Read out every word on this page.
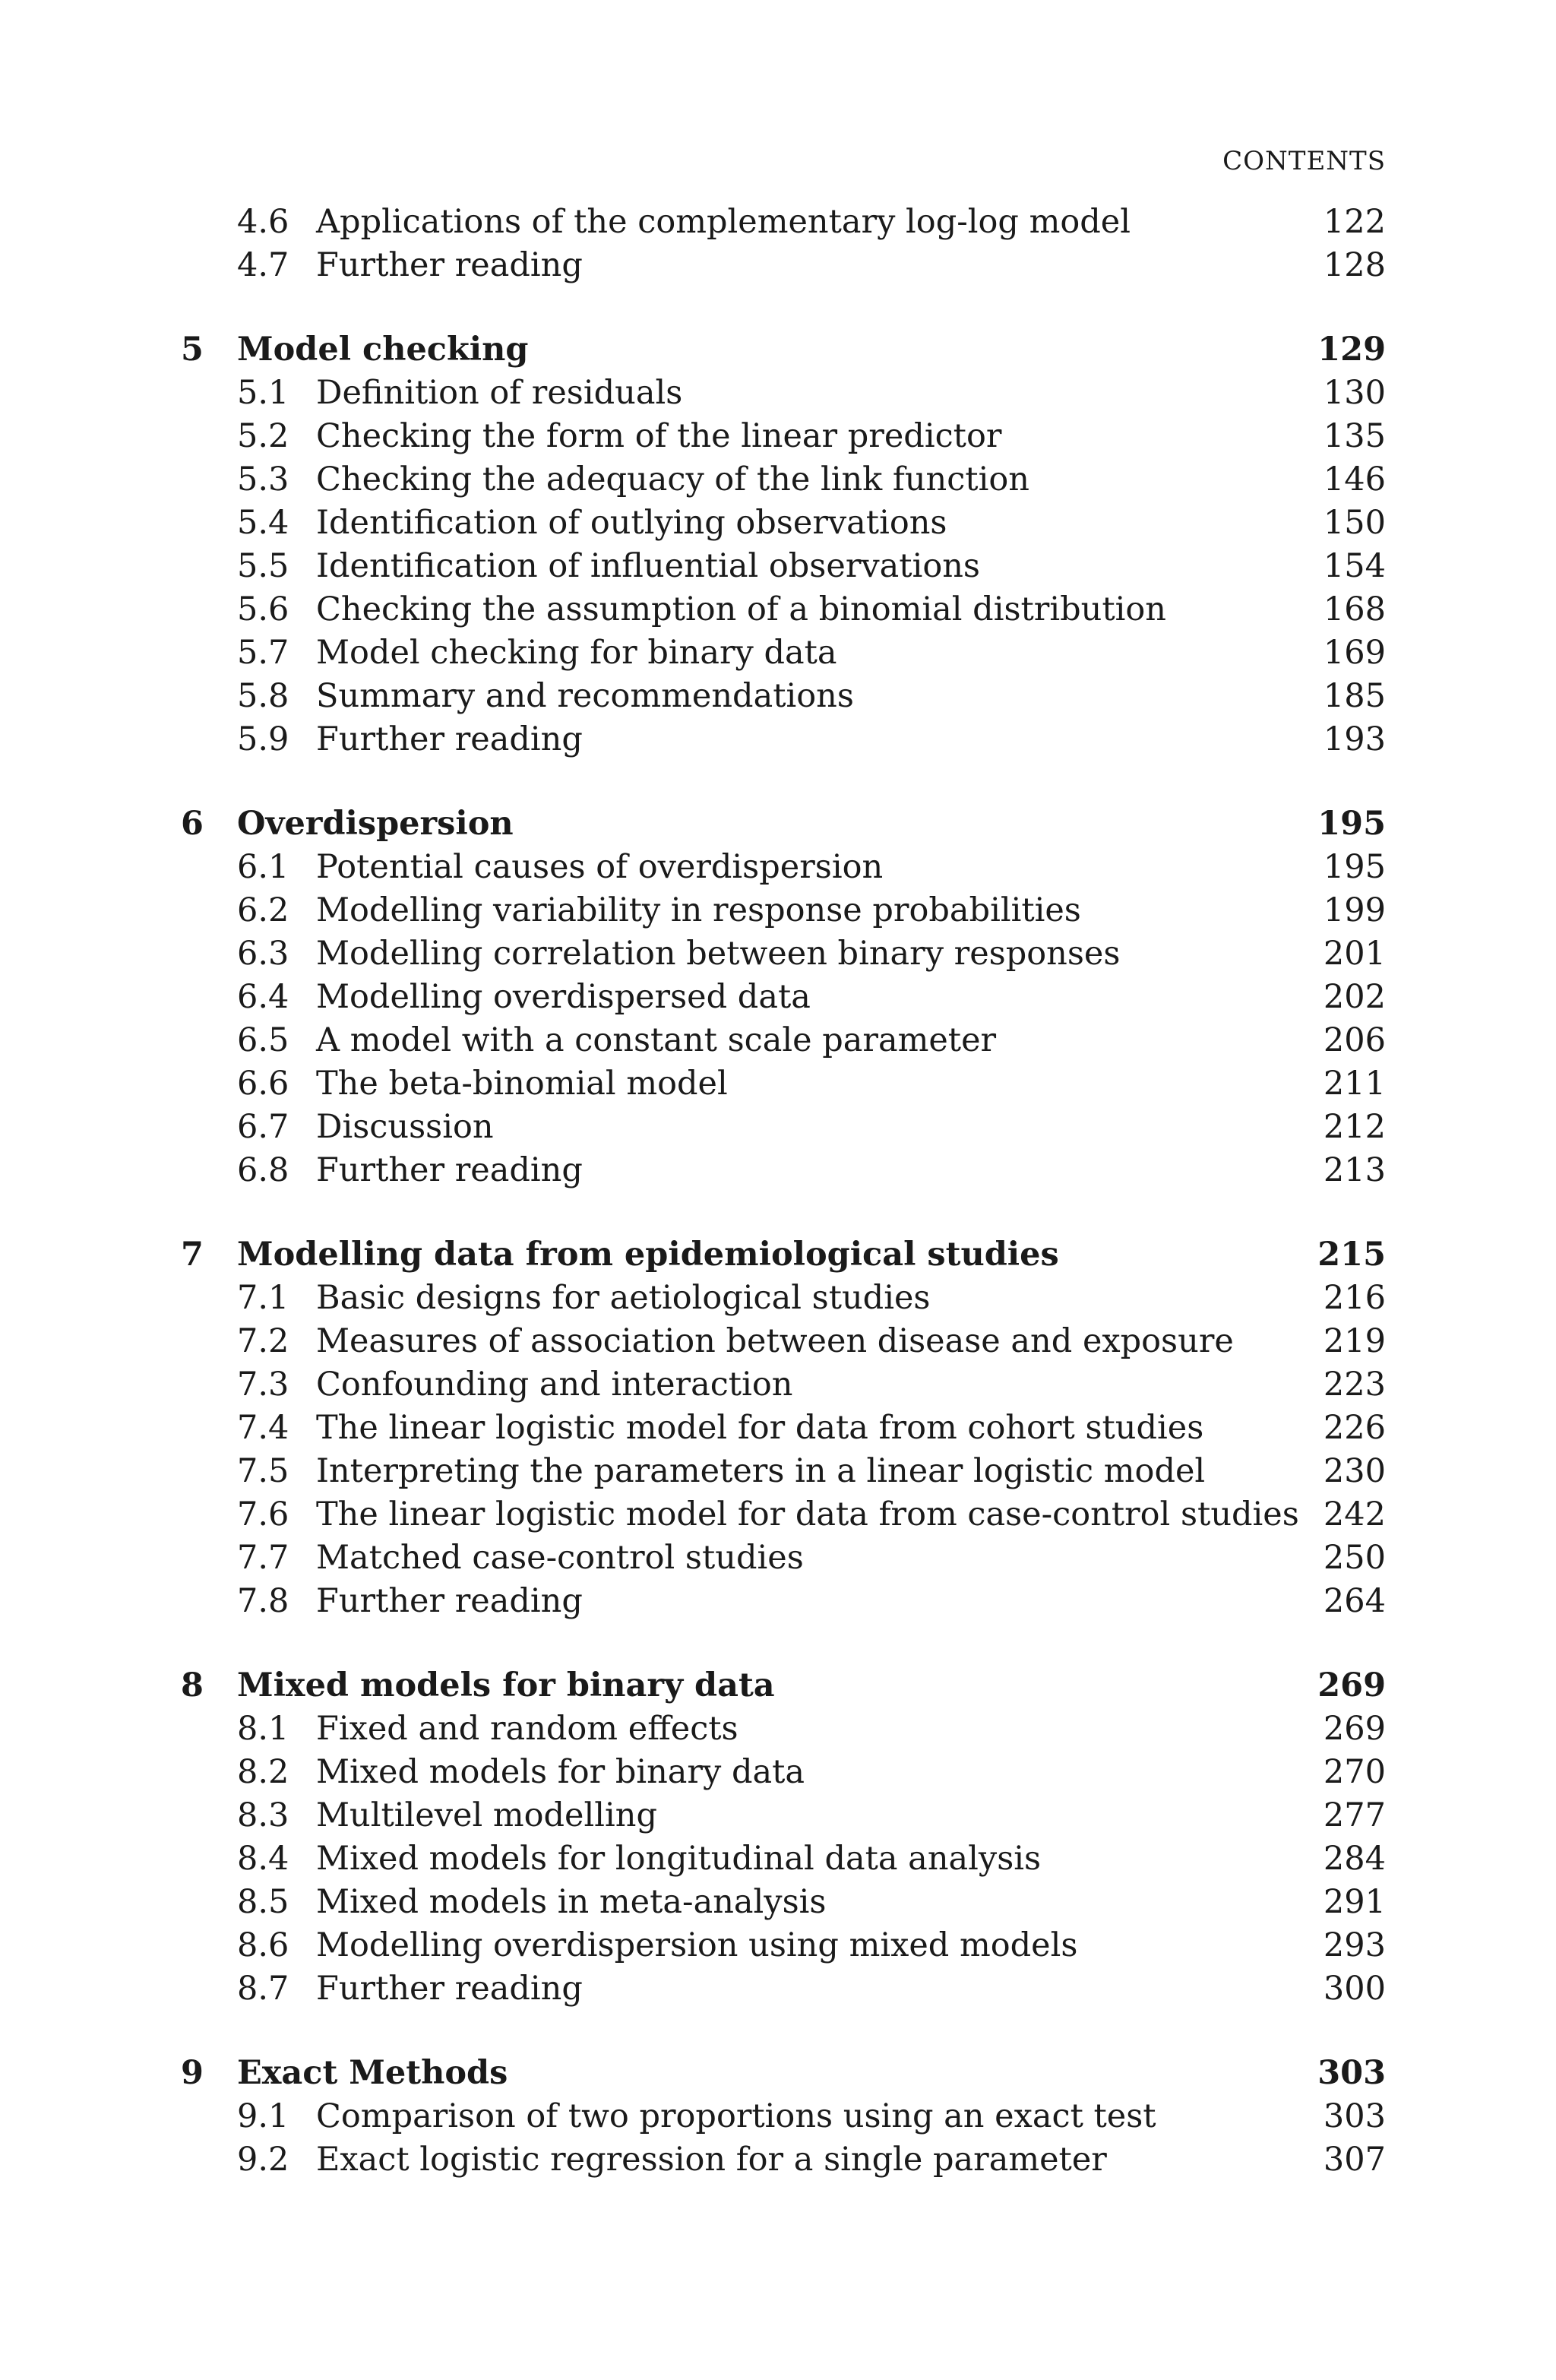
CONTENTS
4.6 Applications of the complementary log-log model	122
4.7 Further reading	128
5 Model checking	129
5.1 Definition of residuals	130
5.2 Checking the form of the linear predictor	135
5.3 Checking the adequacy of the link function	146
5.4 Identification of outlying observations	150
5.5 Identification of influential observations	154
5.6 Checking the assumption of a binomial distribution	168
5.7 Model checking for binary data	169
5.8 Summary and recommendations	185
5.9 Further reading	193
6 Overdispersion	195
6.1 Potential causes of overdispersion	195
6.2 Modelling variability in response probabilities	199
6.3 Modelling correlation between binary responses	201
6.4 Modelling overdispersed data	202
6.5 A model with a constant scale parameter	206
6.6 The beta-binomial model	211
6.7 Discussion	212
6.8 Further reading	213
7 Modelling data from epidemiological studies	215
7.1 Basic designs for aetiological studies	216
7.2 Measures of association between disease and exposure	219
7.3 Confounding and interaction	223
7.4 The linear logistic model for data from cohort studies	226
7.5 Interpreting the parameters in a linear logistic model	230
7.6 The linear logistic model for data from case-control studies 242
7.7 Matched case-control studies	250
7.8 Further reading	264
8 Mixed models for binary data	269
8.1 Fixed and random effects	269
8.2 Mixed models for binary data	270
8.3 Multilevel modelling	277
8.4 Mixed models for longitudinal data analysis	284
8.5 Mixed models in meta-analysis	291
8.6 Modelling overdispersion using mixed models	293
8.7 Further reading	300
9 Exact Methods	303
9.1 Comparison of two proportions using an exact test	303
9.2 Exact logistic regression for a single parameter	307
